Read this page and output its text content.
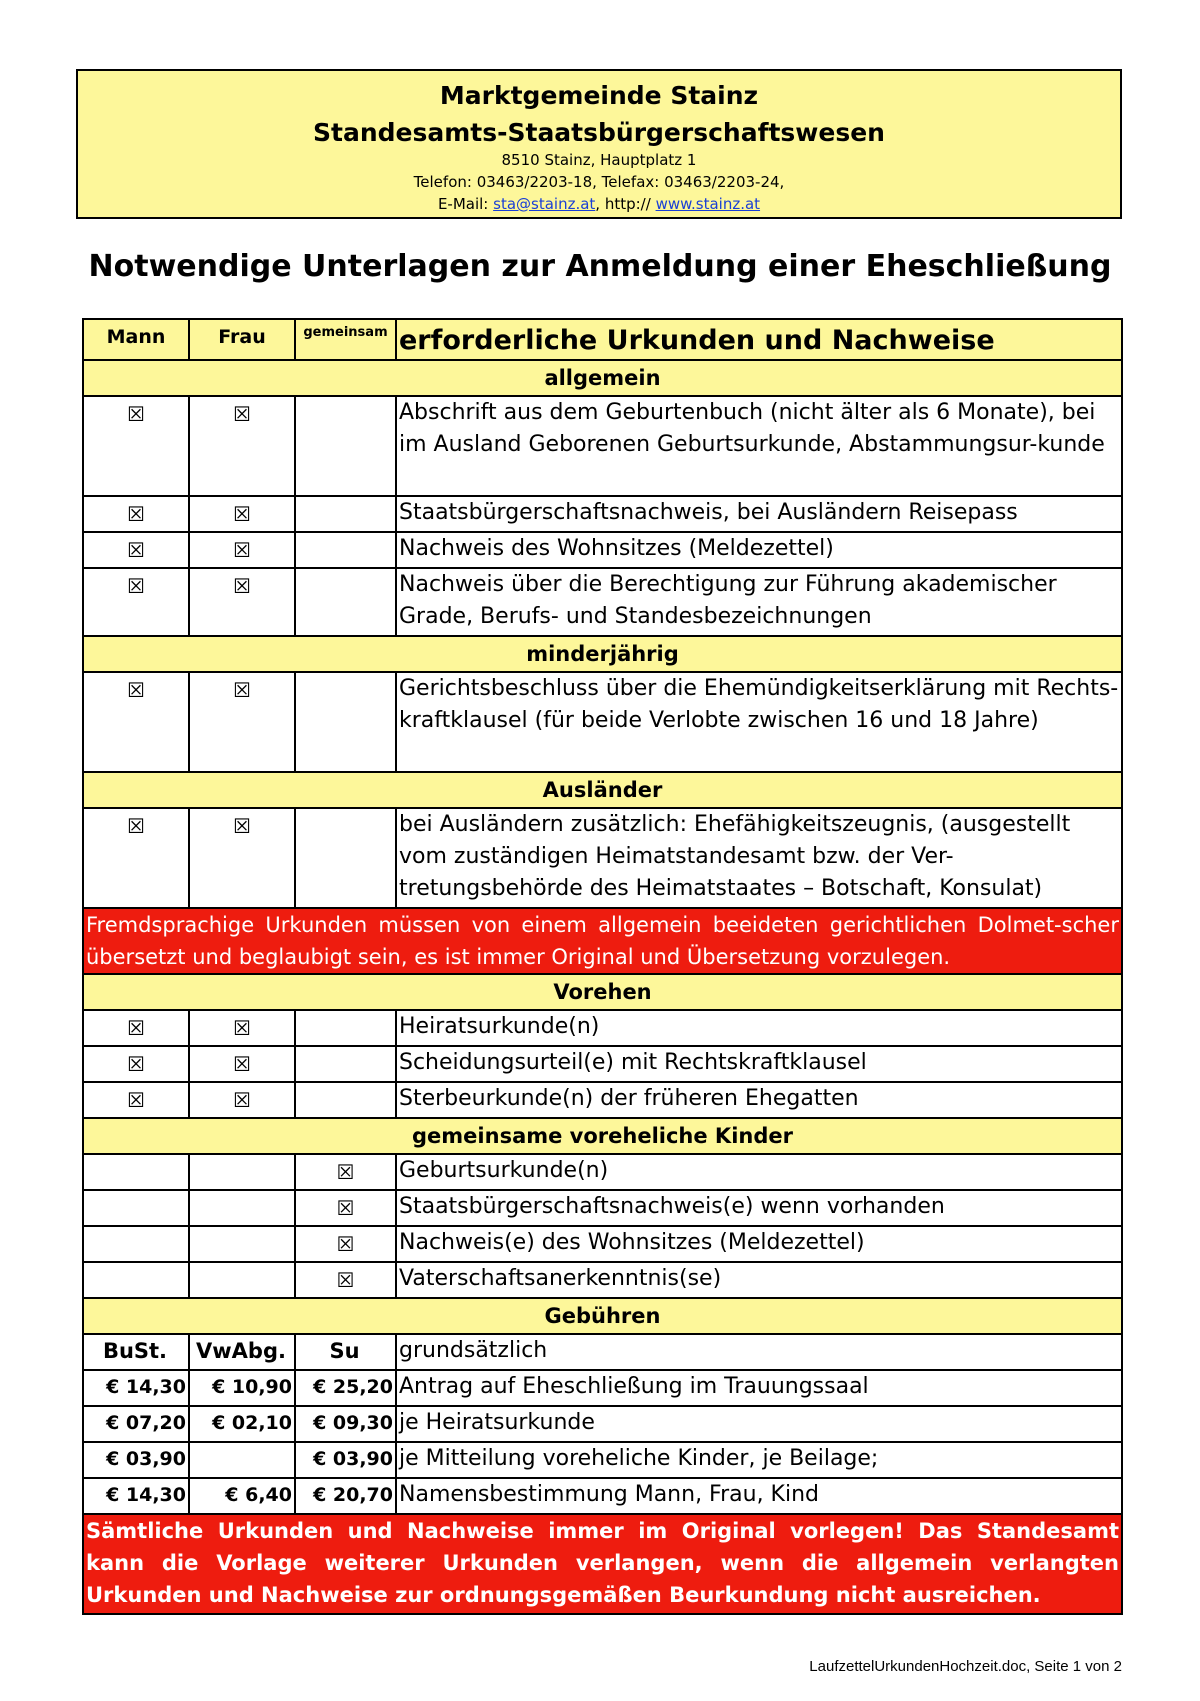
Marktgemeinde Stainz
Standesamts-Staatsbürgerschaftswesen
8510 Stainz, Hauptplatz 1
Telefon: 03463/2203-18, Telefax: 03463/2203-24,
E-Mail: sta@stainz.at, http:// www.stainz.at
Notwendige Unterlagen zur Anmeldung einer Eheschließung
Mann	Frau	gemeinsam	erforderliche Urkunden und Nachweise
allgemein			
☒	☒		Abschrift aus dem Geburtenbuch (nicht älter als 6 Monate), bei im Ausland Geborenen Geburtsurkunde, Abstammungsur-kunde
☒	☒		Staatsbürgerschaftsnachweis, bei Ausländern Reisepass
☒	☒		Nachweis des Wohnsitzes (Meldezettel)
☒	☒		Nachweis über die Berechtigung zur Führung akademischer Grade, Berufs- und Standesbezeichnungen
minderjährig			
☒	☒		Gerichtsbeschluss über die Ehemündigkeitserklärung mit Rechts-kraftklausel (für beide Verlobte zwischen 16 und 18 Jahre)
Ausländer			
☒	☒		bei Ausländern zusätzlich: Ehefähigkeitszeugnis, (ausgestellt vom zuständigen Heimatstandesamt bzw. der Ver-tretungsbehörde des Heimatstaates – Botschaft, Konsulat)
Fremdsprachige Urkunden müssen von einem allgemein beeideten gerichtlichen Dolmet-scher übersetzt und beglaubigt sein, es ist immer Original und Übersetzung vorzulegen.			
Vorehen			
☒	☒		Heiratsurkunde(n)
☒	☒		Scheidungsurteil(e) mit Rechtskraftklausel
☒	☒		Sterbeurkunde(n) der früheren Ehegatten
gemeinsame voreheliche Kinder			
		☒	Geburtsurkunde(n)
		☒	Staatsbürgerschaftsnachweis(e) wenn vorhanden
		☒	Nachweis(e) des Wohnsitzes (Meldezettel)
		☒	Vaterschaftsanerkenntnis(se)
Gebühren			
BuSt.	VwAbg.	Su	grundsätzlich
€ 14,30	€ 10,90	€ 25,20	Antrag auf Eheschließung im Trauungssaal
€ 07,20	€ 02,10	€ 09,30	je Heiratsurkunde
€ 03,90		€ 03,90	je Mitteilung voreheliche Kinder, je Beilage;
€ 14,30	€ 6,40	€ 20,70	Namensbestimmung Mann, Frau, Kind
Sämtliche Urkunden und Nachweise immer im Original vorlegen! Das Standesamt kann die Vorlage weiterer Urkunden verlangen, wenn die allgemein verlangten Urkunden und Nachweise zur ordnungsgemäßen Beurkundung nicht ausreichen.			
LaufzettelUrkundenHochzeit.doc, Seite 1 von 2
